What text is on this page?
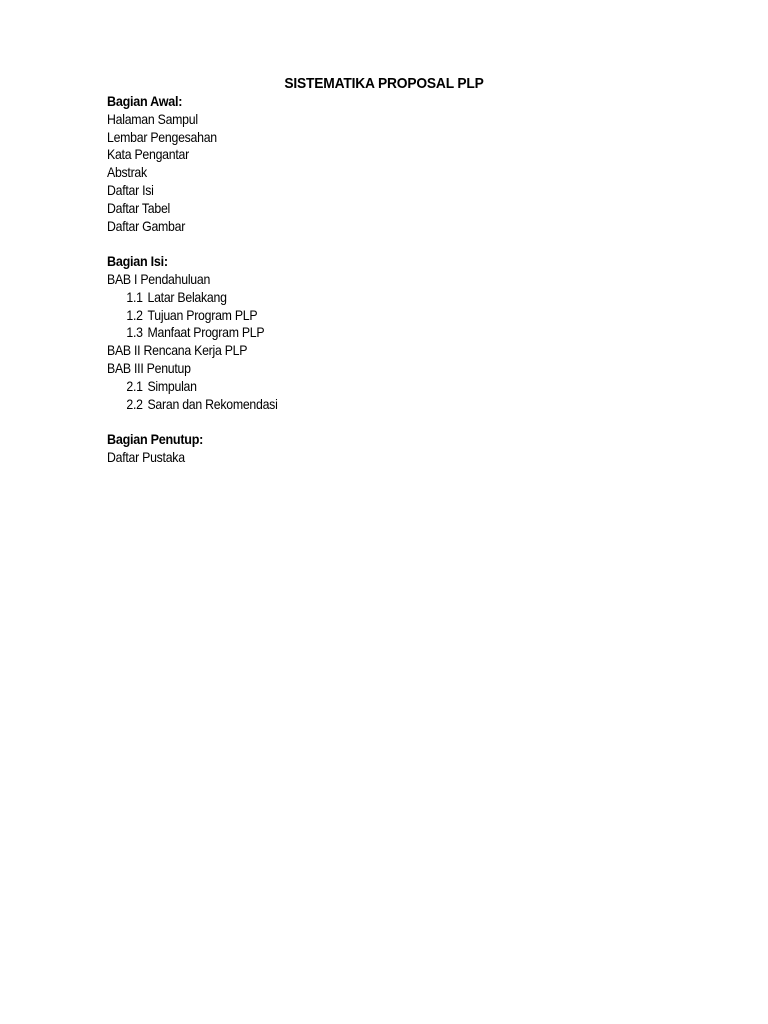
SISTEMATIKA PROPOSAL PLP
Bagian Awal:
Halaman Sampul
Lembar Pengesahan
Kata Pengantar
Abstrak
Daftar Isi
Daftar Tabel
Daftar Gambar
Bagian Isi:
BAB I Pendahuluan
1.1 Latar Belakang
1.2 Tujuan Program PLP
1.3 Manfaat Program PLP
BAB II Rencana Kerja PLP
BAB III Penutup
2.1 Simpulan
2.2 Saran dan Rekomendasi
Bagian Penutup:
Daftar Pustaka
